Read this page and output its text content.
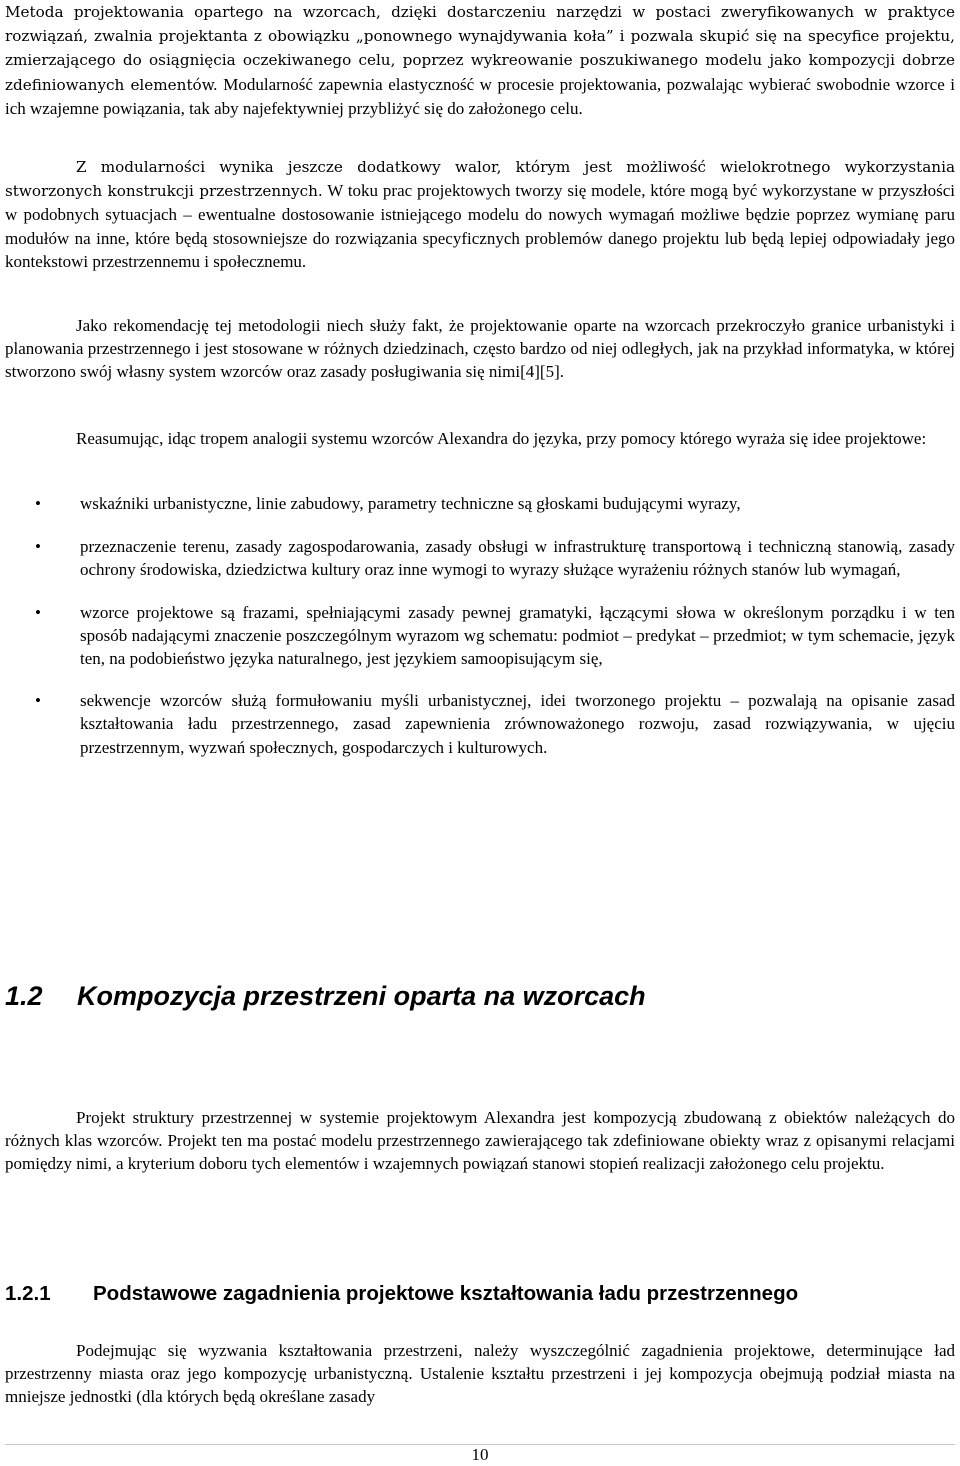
Metoda projektowania opartego na wzorcach, dzięki dostarczeniu narzędzi w postaci zweryfikowanych w praktyce rozwiązań, zwalnia projektanta z obowiązku „ponownego wynajdywania koła” i pozwala skupić się na specyfice projektu, zmierzającego do osiągnięcia oczekiwanego celu, poprzez wykreowanie poszukiwanego modelu jako kompozycji dobrze zdefiniowanych elementów. Modularność zapewnia elastyczność w procesie projektowania, pozwalając wybierać swobodnie wzorce i ich wzajemne powiązania, tak aby najefektywniej przybliżyć się do założonego celu.

Z modularności wynika jeszcze dodatkowy walor, którym jest możliwość wielokrotnego wykorzystania stworzonych konstrukcji przestrzennych. W toku prac projektowych tworzy się modele, które mogą być wykorzystane w przyszłości w podobnych sytuacjach – ewentualne dostosowanie istniejącego modelu do nowych wymagań możliwe będzie poprzez wymianę paru modułów na inne, które będą stosowniejsze do rozwiązania specyficznych problemów danego projektu lub będą lepiej odpowiadały jego kontekstowi przestrzennemu i społecznemu.

Jako rekomendację tej metodologii niech służy fakt, że projektowanie oparte na wzorcach przekroczyło granice urbanistyki i planowania przestrzennego i jest stosowane w różnych dziedzinach, często bardzo od niej odległych, jak na przykład informatyka, w której stworzono swój własny system wzorców oraz zasady posługiwania się nimi[4][5].

Reasumując, idąc tropem analogii systemu wzorców Alexandra do języka, przy pomocy którego wyraża się idee projektowe:

• wskaźniki urbanistyczne, linie zabudowy, parametry techniczne są głoskami budującymi wyrazy,
• przeznaczenie terenu, zasady zagospodarowania, zasady obsługi w infrastrukturę transportową i techniczną stanowią, zasady ochrony środowiska, dziedzictwa kultury oraz inne wymogi to wyrazy służące wyrażeniu różnych stanów lub wymagań,
• wzorce projektowe są frazami, spełniającymi zasady pewnej gramatyki, łączącymi słowa w określonym porządku i w ten sposób nadającymi znaczenie poszczególnym wyrazom wg schematu: podmiot – predykat – przedmiot; w tym schemacie, język ten, na podobieństwo języka naturalnego, jest językiem samoopisującym się,
• sekwencje wzorców służą formułowaniu myśli urbanistycznej, idei tworzonego projektu – pozwalają na opisanie zasad kształtowania ładu przestrzennego, zasad zapewnienia zrównoważonego rozwoju, zasad rozwiązywania, w ujęciu przestrzennym, wyzwań społecznych, gospodarczych i kulturowych.
1.2 Kompozycja przestrzeni oparta na wzorcach

Projekt struktury przestrzennej w systemie projektowym Alexandra jest kompozycją zbudowaną z obiektów należących do różnych klas wzorców. Projekt ten ma postać modelu przestrzennego zawierającego tak zdefiniowane obiekty wraz z opisanymi relacjami pomiędzy nimi, a kryterium doboru tych elementów i wzajemnych powiązań stanowi stopień realizacji założonego celu projektu.

1.2.1 Podstawowe zagadnienia projektowe kształtowania ładu przestrzennego

Podejmując się wyzwania kształtowania przestrzeni, należy wyszczególnić zagadnienia projektowe, determinujące ład przestrzenny miasta oraz jego kompozycję urbanistyczną. Ustalenie kształtu przestrzeni i jej kompozycja obejmują podział miasta na mniejsze jednostki (dla których będą określane zasady

10
